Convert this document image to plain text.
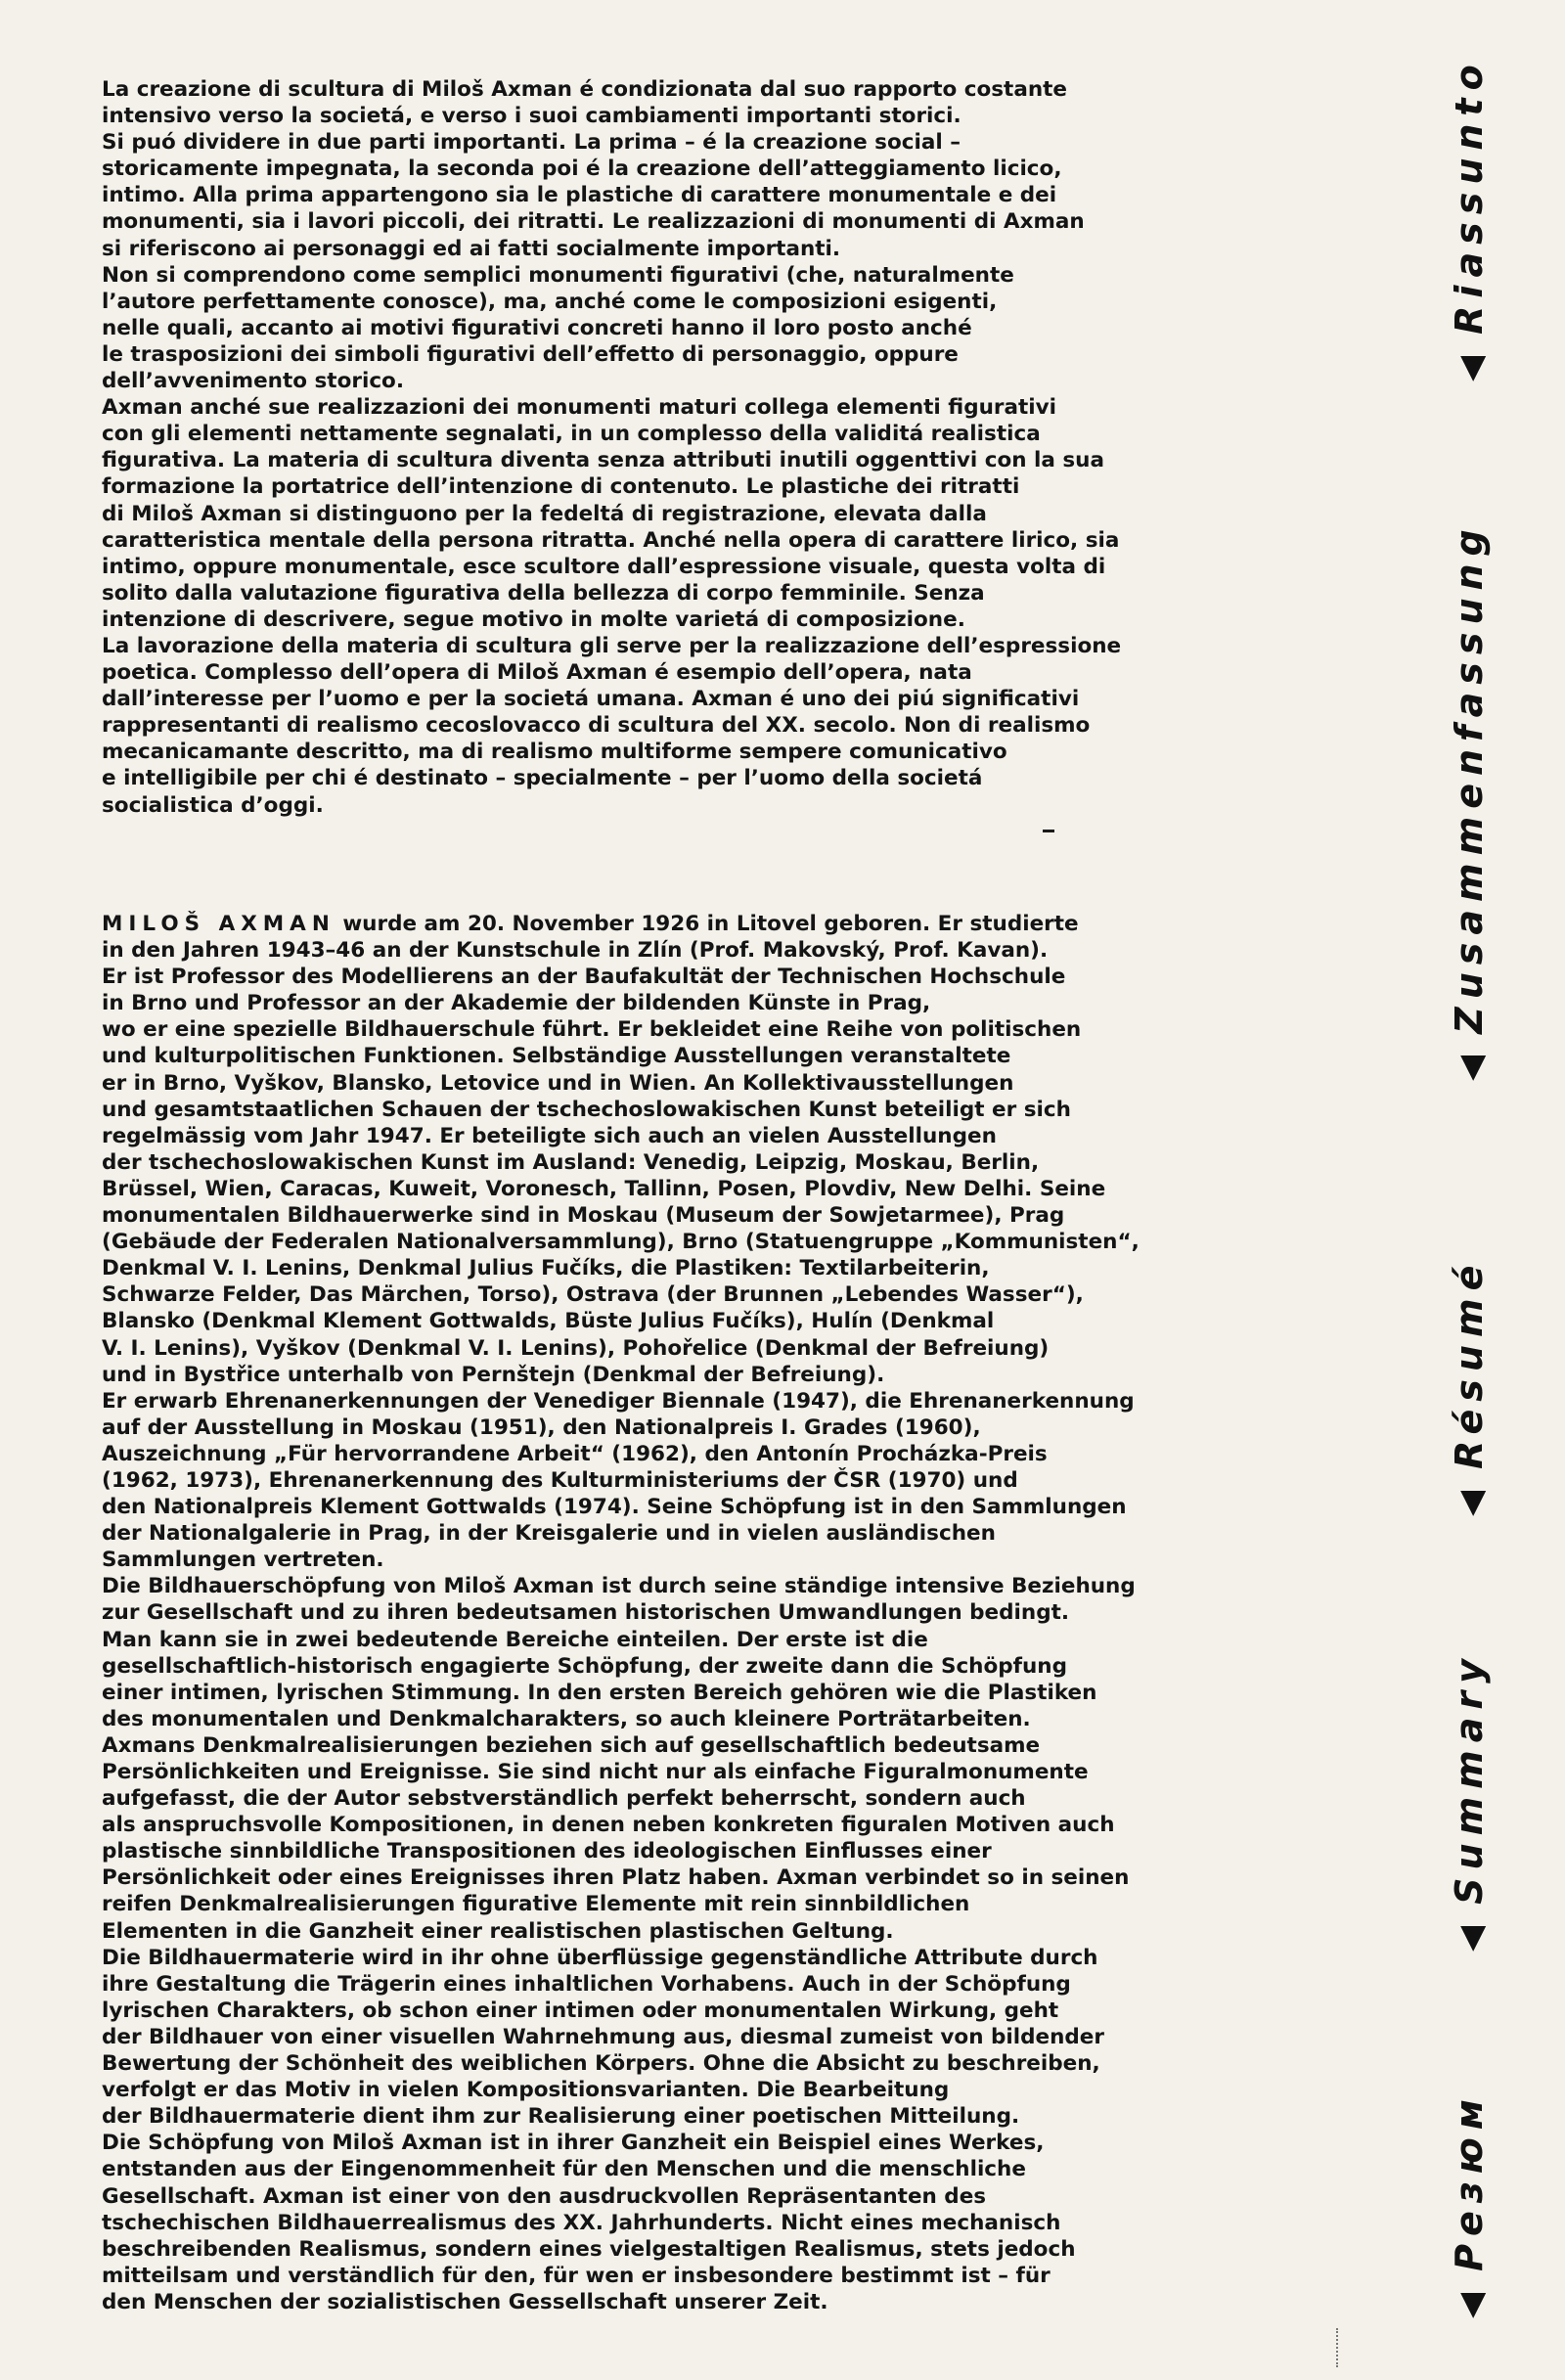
La creazione di scultura di Miloš Axman é condizionata dal suo rapporto costante
intensivo verso la societá, e verso i suoi cambiamenti importanti storici.
Si puó dividere in due parti importanti. La prima – é la creazione social –
storicamente impegnata, la seconda poi é la creazione dell’atteggiamento licico,
intimo. Alla prima appartengono sia le plastiche di carattere monumentale e dei
monumenti, sia i lavori piccoli, dei ritratti. Le realizzazioni di monumenti di Axman
si riferiscono ai personaggi ed ai fatti socialmente importanti.
Non si comprendono come semplici monumenti figurativi (che, naturalmente
l’autore perfettamente conosce), ma, anché come le composizioni esigenti,
nelle quali, accanto ai motivi figurativi concreti hanno il loro posto anché
le trasposizioni dei simboli figurativi dell’effetto di personaggio, oppure
dell’avvenimento storico.
Axman anché sue realizzazioni dei monumenti maturi collega elementi figurativi
con gli elementi nettamente segnalati, in un complesso della validitá realistica
figurativa. La materia di scultura diventa senza attributi inutili oggenttivi con la sua
formazione la portatrice dell’intenzione di contenuto. Le plastiche dei ritratti
di Miloš Axman si distinguono per la fedeltá di registrazione, elevata dalla
caratteristica mentale della persona ritratta. Anché nella opera di carattere lirico, sia
intimo, oppure monumentale, esce scultore dall’espressione visuale, questa volta di
solito dalla valutazione figurativa della bellezza di corpo femminile. Senza
intenzione di descrivere, segue motivo in molte varietá di composizione.
La lavorazione della materia di scultura gli serve per la realizzazione dell’espressione
poetica. Complesso dell’opera di Miloš Axman é esempio dell’opera, nata
dall’interesse per l’uomo e per la societá umana. Axman é uno dei piú significativi
rappresentanti di realismo cecoslovacco di scultura del XX. secolo. Non di realismo
mecanicamante descritto, ma di realismo multiforme sempere comunicativo
e intelligibile per chi é destinato – specialmente – per l’uomo della societá
socialistica d’oggi.
MILOŠ AXMAN wurde am 20. November 1926 in Litovel geboren. Er studierte
in den Jahren 1943–46 an der Kunstschule in Zlín (Prof. Makovský, Prof. Kavan).
Er ist Professor des Modellierens an der Baufakultät der Technischen Hochschule
in Brno und Professor an der Akademie der bildenden Künste in Prag,
wo er eine spezielle Bildhauerschule führt. Er bekleidet eine Reihe von politischen
und kulturpolitischen Funktionen. Selbständige Ausstellungen veranstaltete
er in Brno, Vyškov, Blansko, Letovice und in Wien. An Kollektivausstellungen
und gesamtstaatlichen Schauen der tschechoslowakischen Kunst beteiligt er sich
regelmässig vom Jahr 1947. Er beteiligte sich auch an vielen Ausstellungen
der tschechoslowakischen Kunst im Ausland: Venedig, Leipzig, Moskau, Berlin,
Brüssel, Wien, Caracas, Kuweit, Voronesch, Tallinn, Posen, Plovdiv, New Delhi. Seine
monumentalen Bildhauerwerke sind in Moskau (Museum der Sowjetarmee), Prag
(Gebäude der Federalen Nationalversammlung), Brno (Statuengruppe „Kommunisten“,
Denkmal V. I. Lenins, Denkmal Julius Fučíks, die Plastiken: Textilarbeiterin,
Schwarze Felder, Das Märchen, Torso), Ostrava (der Brunnen „Lebendes Wasser“),
Blansko (Denkmal Klement Gottwalds, Büste Julius Fučíks), Hulín (Denkmal
V. I. Lenins), Vyškov (Denkmal V. I. Lenins), Pohořelice (Denkmal der Befreiung)
und in Bystřice unterhalb von Pernštejn (Denkmal der Befreiung).
Er erwarb Ehrenanerkennungen der Venediger Biennale (1947), die Ehrenanerkennung
auf der Ausstellung in Moskau (1951), den Nationalpreis I. Grades (1960),
Auszeichnung „Für hervorrandene Arbeit“ (1962), den Antonín Procházka-Preis
(1962, 1973), Ehrenanerkennung des Kulturministeriums der ČSR (1970) und
den Nationalpreis Klement Gottwalds (1974). Seine Schöpfung ist in den Sammlungen
der Nationalgalerie in Prag, in der Kreisgalerie und in vielen ausländischen
Sammlungen vertreten.
Die Bildhauerschöpfung von Miloš Axman ist durch seine ständige intensive Beziehung
zur Gesellschaft und zu ihren bedeutsamen historischen Umwandlungen bedingt.
Man kann sie in zwei bedeutende Bereiche einteilen. Der erste ist die
gesellschaftlich-historisch engagierte Schöpfung, der zweite dann die Schöpfung
einer intimen, lyrischen Stimmung. In den ersten Bereich gehören wie die Plastiken
des monumentalen und Denkmalcharakters, so auch kleinere Porträtarbeiten.
Axmans Denkmalrealisierungen beziehen sich auf gesellschaftlich bedeutsame
Persönlichkeiten und Ereignisse. Sie sind nicht nur als einfache Figuralmonumente
aufgefasst, die der Autor sebstverständlich perfekt beherrscht, sondern auch
als anspruchsvolle Kompositionen, in denen neben konkreten figuralen Motiven auch
plastische sinnbildliche Transpositionen des ideologischen Einflusses einer
Persönlichkeit oder eines Ereignisses ihren Platz haben. Axman verbindet so in seinen
reifen Denkmalrealisierungen figurative Elemente mit rein sinnbildlichen
Elementen in die Ganzheit einer realistischen plastischen Geltung.
Die Bildhauermaterie wird in ihr ohne überflüssige gegenständliche Attribute durch
ihre Gestaltung die Trägerin eines inhaltlichen Vorhabens. Auch in der Schöpfung
lyrischen Charakters, ob schon einer intimen oder monumentalen Wirkung, geht
der Bildhauer von einer visuellen Wahrnehmung aus, diesmal zumeist von bildender
Bewertung der Schönheit des weiblichen Körpers. Ohne die Absicht zu beschreiben,
verfolgt er das Motiv in vielen Kompositionsvarianten. Die Bearbeitung
der Bildhauermaterie dient ihm zur Realisierung einer poetischen Mitteilung.
Die Schöpfung von Miloš Axman ist in ihrer Ganzheit ein Beispiel eines Werkes,
entstanden aus der Eingenommenheit für den Menschen und die menschliche
Gesellschaft. Axman ist einer von den ausdruckvollen Repräsentanten des
tschechischen Bildhauerrealismus des XX. Jahrhunderts. Nicht eines mechanisch
beschreibenden Realismus, sondern eines vielgestaltigen Realismus, stets jedoch
mitteilsam und verständlich für den, für wen er insbesondere bestimmt ist – für
den Menschen der sozialistischen Gessellschaft unserer Zeit.
◀Riassunto
◀Zusammenfassung
◀Résumé
◀Summary
◀Резюм
